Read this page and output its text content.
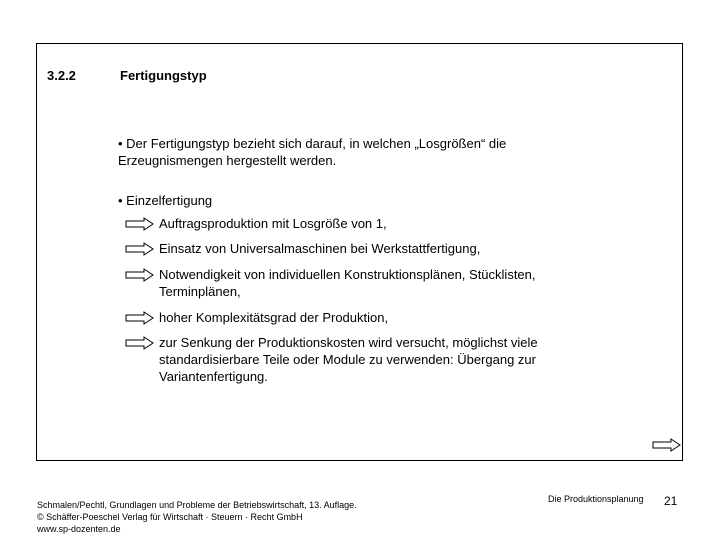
3.2.2	Fertigungstyp
• Der Fertigungstyp bezieht sich darauf, in welchen „Losgrößen“ die
Erzeugnismengen hergestellt werden.
• Einzelfertigung
Auftragsproduktion mit Losgröße von 1,
Einsatz von Universalmaschinen bei Werkstattfertigung,
Notwendigkeit von individuellen Konstruktionsplänen, Stücklisten,
Terminplänen,
hoher Komplexitätsgrad der Produktion,
zur Senkung der Produktionskosten wird versucht, möglichst viele
standardisierbare Teile oder Module zu verwenden: Übergang zur
Variantenfertigung.
Schmalen/Pechtl, Grundlagen und Probleme der Betriebswirtschaft, 13. Auflage.
© Schäffer-Poeschel Verlag für Wirtschaft · Steuern · Recht GmbH
www.sp-dozenten.de
Die Produktionsplanung 21
